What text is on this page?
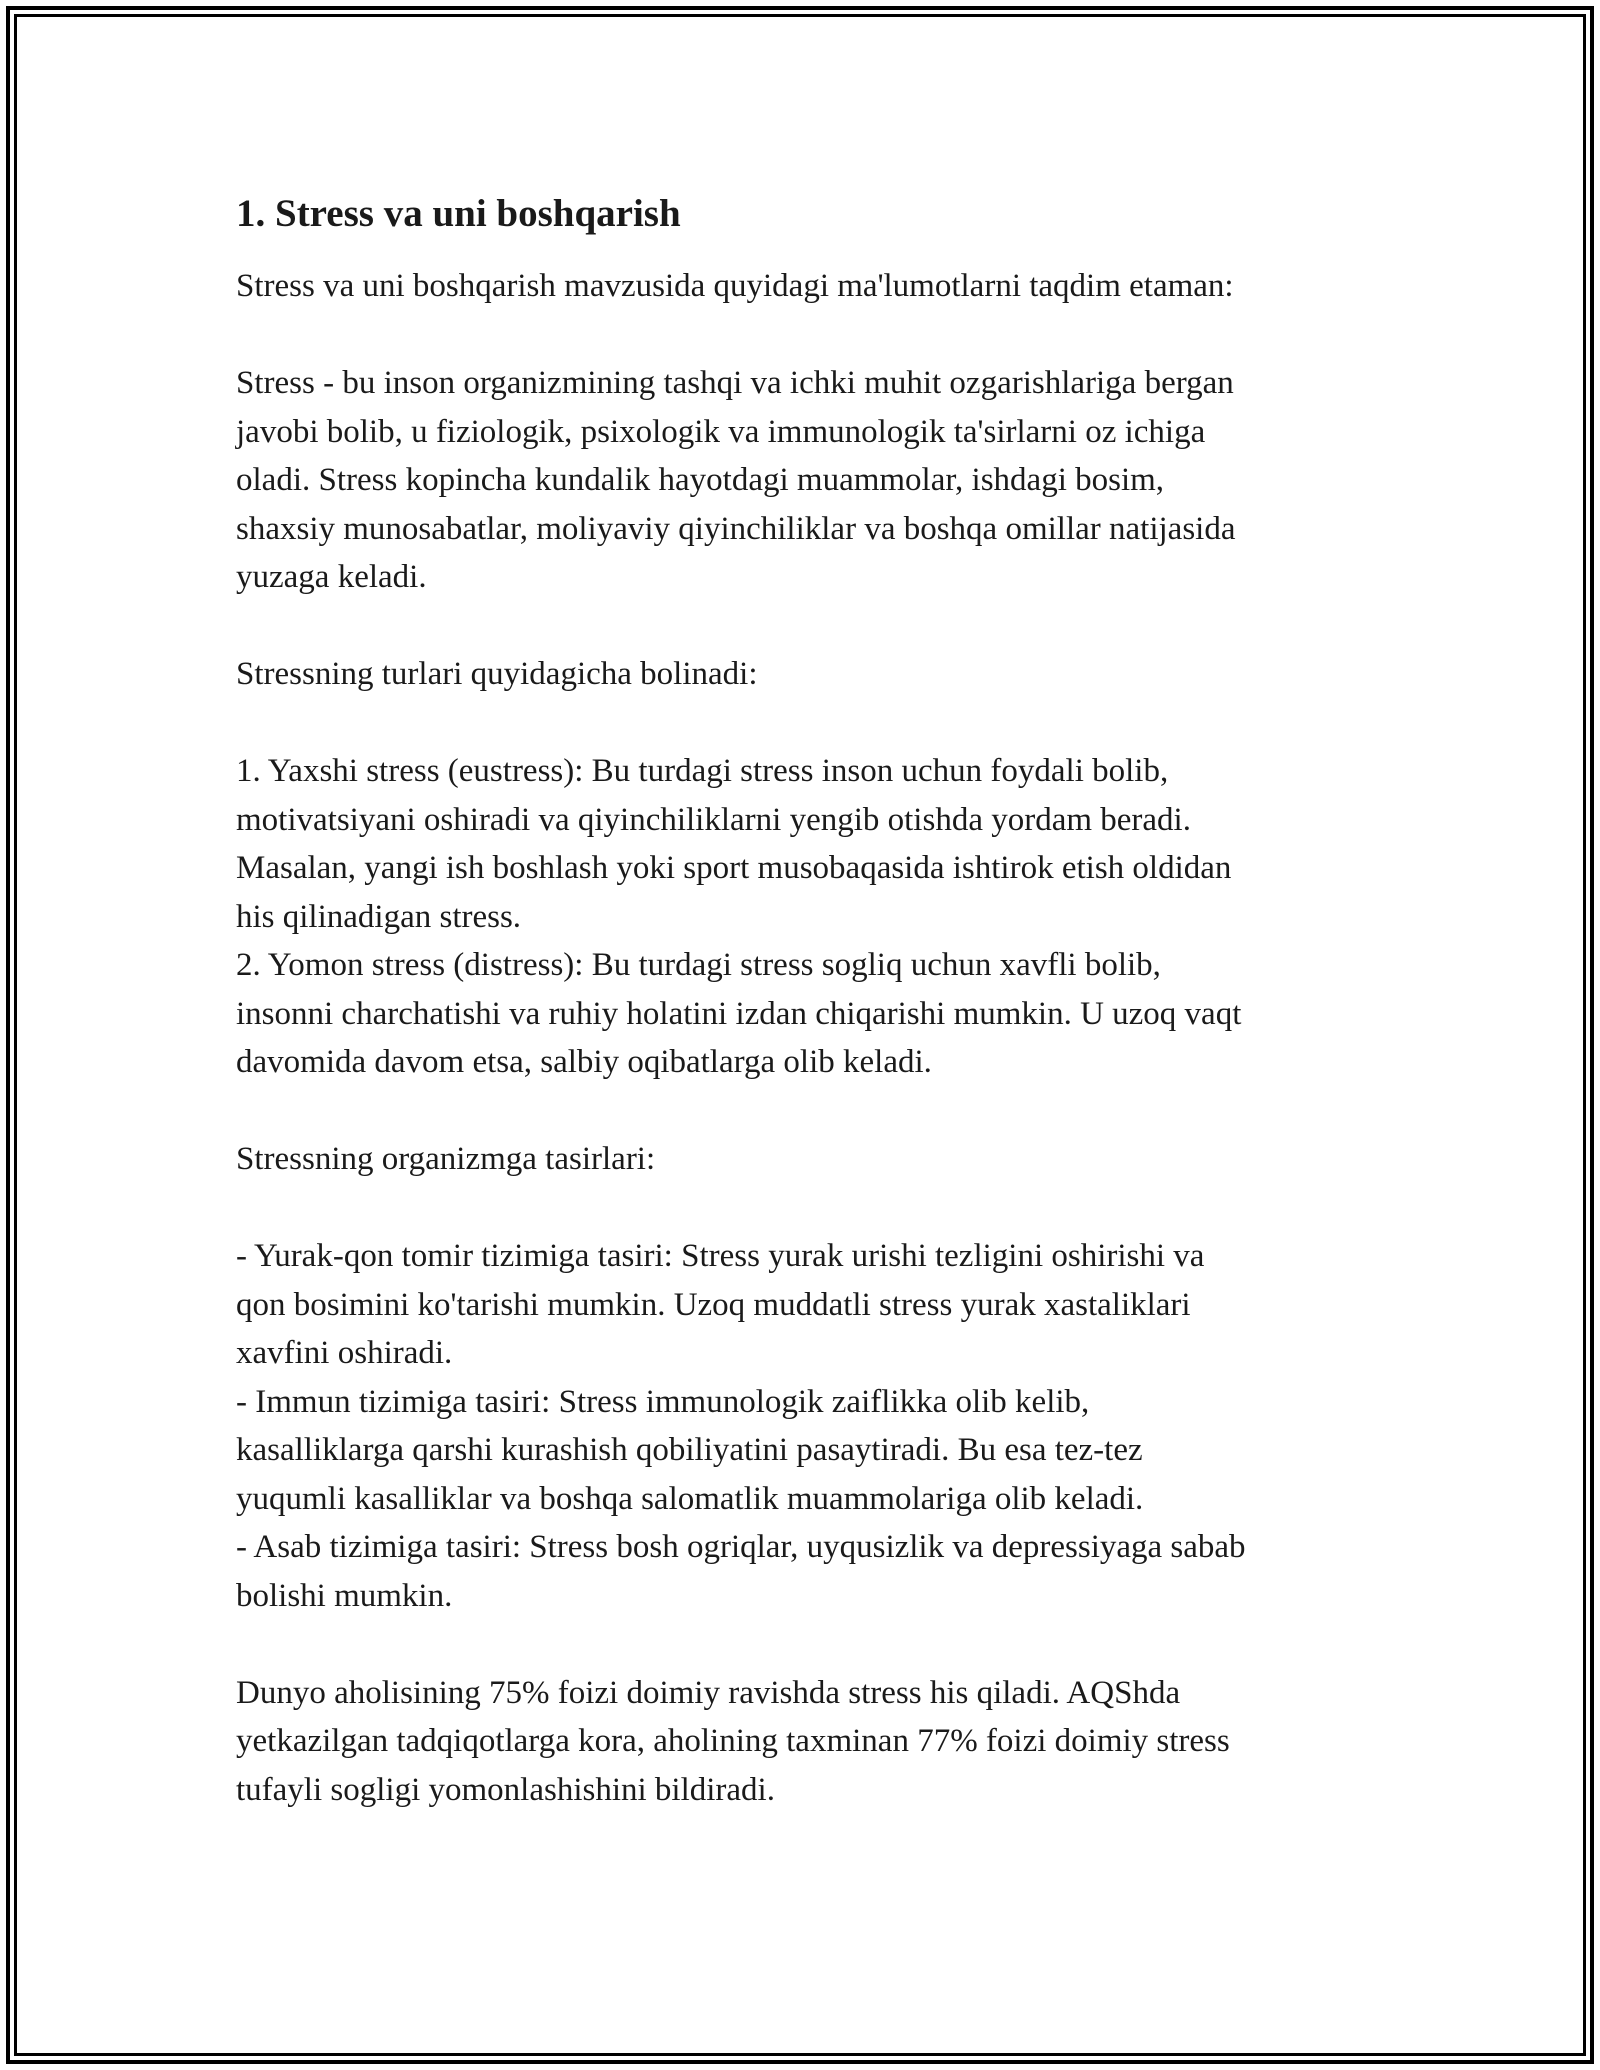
1. Stress va uni boshqarish

Stress va uni boshqarish mavzusida quyidagi ma'lumotlarni taqdim etaman:

Stress - bu inson organizmining tashqi va ichki muhit ozgarishlariga bergan

javobi bolib, u fiziologik, psixologik va immunologik ta'sirlarni oz ichiga

oladi. Stress kopincha kundalik hayotdagi muammolar, ishdagi bosim,

shaxsiy munosabatlar, moliyaviy qiyinchiliklar va boshqa omillar natijasida

yuzaga keladi.

Stressning turlari quyidagicha bolinadi:

1. Yaxshi stress (eustress): Bu turdagi stress inson uchun foydali bolib,

motivatsiyani oshiradi va qiyinchiliklarni yengib otishda yordam beradi.

Masalan, yangi ish boshlash yoki sport musobaqasida ishtirok etish oldidan

his qilinadigan stress.

2. Yomon stress (distress): Bu turdagi stress sogliq uchun xavfli bolib,

insonni charchatishi va ruhiy holatini izdan chiqarishi mumkin. U uzoq vaqt

davomida davom etsa, salbiy oqibatlarga olib keladi.

Stressning organizmga tasirlari:

- Yurak-qon tomir tizimiga tasiri: Stress yurak urishi tezligini oshirishi va

qon bosimini ko'tarishi mumkin. Uzoq muddatli stress yurak xastaliklari

xavfini oshiradi.

- Immun tizimiga tasiri: Stress immunologik zaiflikka olib kelib,

kasalliklarga qarshi kurashish qobiliyatini pasaytiradi. Bu esa tez-tez

yuqumli kasalliklar va boshqa salomatlik muammolariga olib keladi.

- Asab tizimiga tasiri: Stress bosh ogriqlar, uyqusizlik va depressiyaga sabab

bolishi mumkin.

Dunyo aholisining 75% foizi doimiy ravishda stress his qiladi. AQShda

yetkazilgan tadqiqotlarga kora, aholining taxminan 77% foizi doimiy stress

tufayli sogligi yomonlashishini bildiradi.
